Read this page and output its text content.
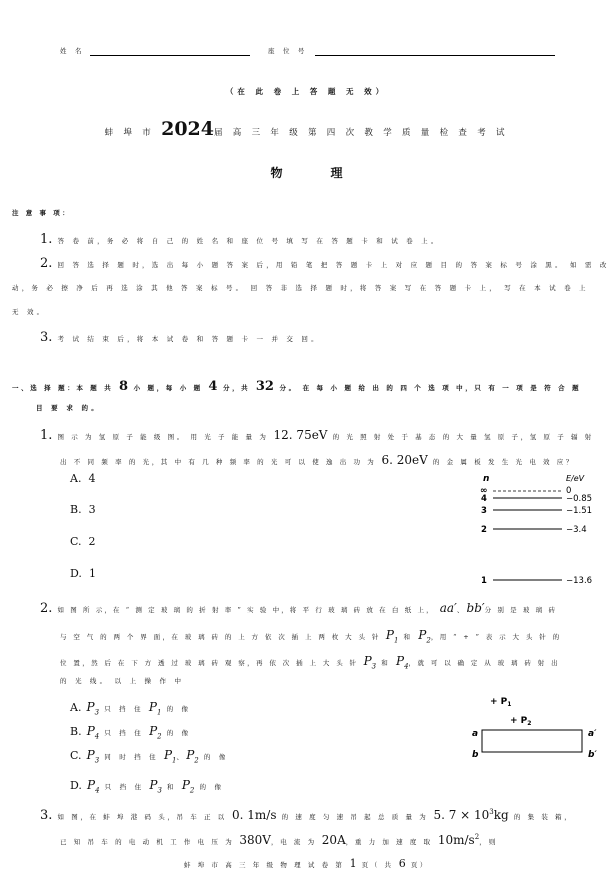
姓 名	座 位 号
（在 此 卷 上 答 题 无 效）
蚌 埠 市 2024届 高 三 年 级 第 四 次 教 学 质 量 检 查 考 试
物　　　　理
注 意 事 项：
1. 答 卷 前，务 必 将 自 己 的 姓 名 和 座 位 号 填 写 在 答 题 卡 和 试 卷 上。
2. 回 答 选 择 题 时，选 出 每 小 题 答 案 后，用 铅 笔 把 答 题 卡 上 对 应 题 目 的 答 案 标 号 涂 黑。 如 需 改
动，务 必 擦 净 后 再 选 涂 其 他 答 案 标 号。 回 答 非 选 择 题 时，将 答 案 写 在 答 题 卡 上， 写 在 本 试 卷 上
无 效。
3. 考 试 结 束 后，将 本 试 卷 和 答 题 卡 一 并 交 回。
一、选 择 题：本 题 共 8 小 题，每 小 题 4 分，共 32 分。 在 每 小 题 给 出 的 四 个 选 项 中，只 有 一 项 是 符 合 题
目 要 求 的。
1. 图 示 为 氢 原 子 能 级 图。 用 光 子 能 量 为 12. 75eV 的 光 照 射 处 于 基 态 的 大 量 氢 原 子，氢 原 子 辐 射
出 不 同 频 率 的 光，其 中 有 几 种 频 率 的 光 可 以 使 逸 出 功 为 6. 20eV 的 金 属 板 发 生 光 电 效 应？
A. 4
B. 3
C. 2
D. 1
n	E/eV
∞	0
4	−0.85
3	−1.51
2	−3.4
1	−13.6
2. 如 图 所 示，在 “ 测 定 玻 璃 的 折 射 率 ” 实 验 中，将 平 行 玻 璃 砖 放 在 白 纸 上， aa′、bb′分 别 是 玻 璃 砖
与 空 气 的 两 个 界 面，在 玻 璃 砖 的 上 方 依 次 插 上 两 枚 大 头 针 $P_1$ 和 $P_2$，用 “ + ” 表 示 大 头 针 的
位 置，然 后 在 下 方 透 过 玻 璃 砖 观 察，再 依 次 插 上 大 头 针 $P_3$ 和 $P_4$，就 可 以 确 定 从 玻 璃 砖 射 出
的 光 线。 以 上 操 作 中
A. $P_3$ 只 挡 住 $P_1$ 的 像
B. $P_4$ 只 挡 住 $P_2$ 的 像
C. $P_3$ 同 时 挡 住 $P_1$、$P_2$ 的 像
D. $P_4$ 只 挡 住 $P_3$ 和 $P_2$ 的 像
+ $P_1$
+ $P_2$
a	a′
b	b′
3. 如 图，在 蚌 埠 港 码 头，吊 车 正 以 0. 1m/s 的 速 度 匀 速 吊 起 总 质 量 为 5. $7 \times 10^3kg$ 的 集 装 箱，
已 知 吊 车 的 电 动 机 工 作 电 压 为 380V，电 流 为 20A，重 力 加 速 度 取 $10m/s^2$，则
蚌 埠 市 高 三 年 级 物 理 试 卷 第 1 页（ 共 6 页）
